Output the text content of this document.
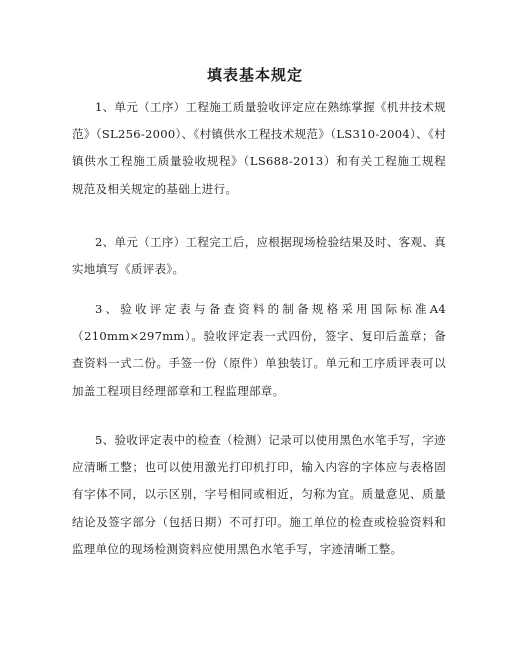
填表基本规定

1、单元（工序）工程施工质量验收评定应在熟练掌握《机井技术规范》（SL256-2000）、《村镇供水工程技术规范》（LS310-2004）、《村镇供水工程施工质量验收规程》（LS688-2013）和有关工程施工规程规范及相关规定的基础上进行。

2、单元（工序）工程完工后，应根据现场检验结果及时、客观、真实地填写《质评表》。

3、验收评定表与备查资料的制备规格采用国际标准A4（210mm×297mm）。验收评定表一式四份，签字、复印后盖章；备查资料一式二份。手签一份（原件）单独装订。单元和工序质评表可以加盖工程项目经理部章和工程监理部章。

5、验收评定表中的检查（检测）记录可以使用黑色水笔手写，字迹应清晰工整；也可以使用激光打印机打印，输入内容的字体应与表格固有字体不同，以示区别，字号相同或相近，匀称为宜。质量意见、质量结论及签字部分（包括日期）不可打印。施工单位的检查或检验资料和监理单位的现场检测资料应使用黑色水笔手写，字迹清晰工整。
